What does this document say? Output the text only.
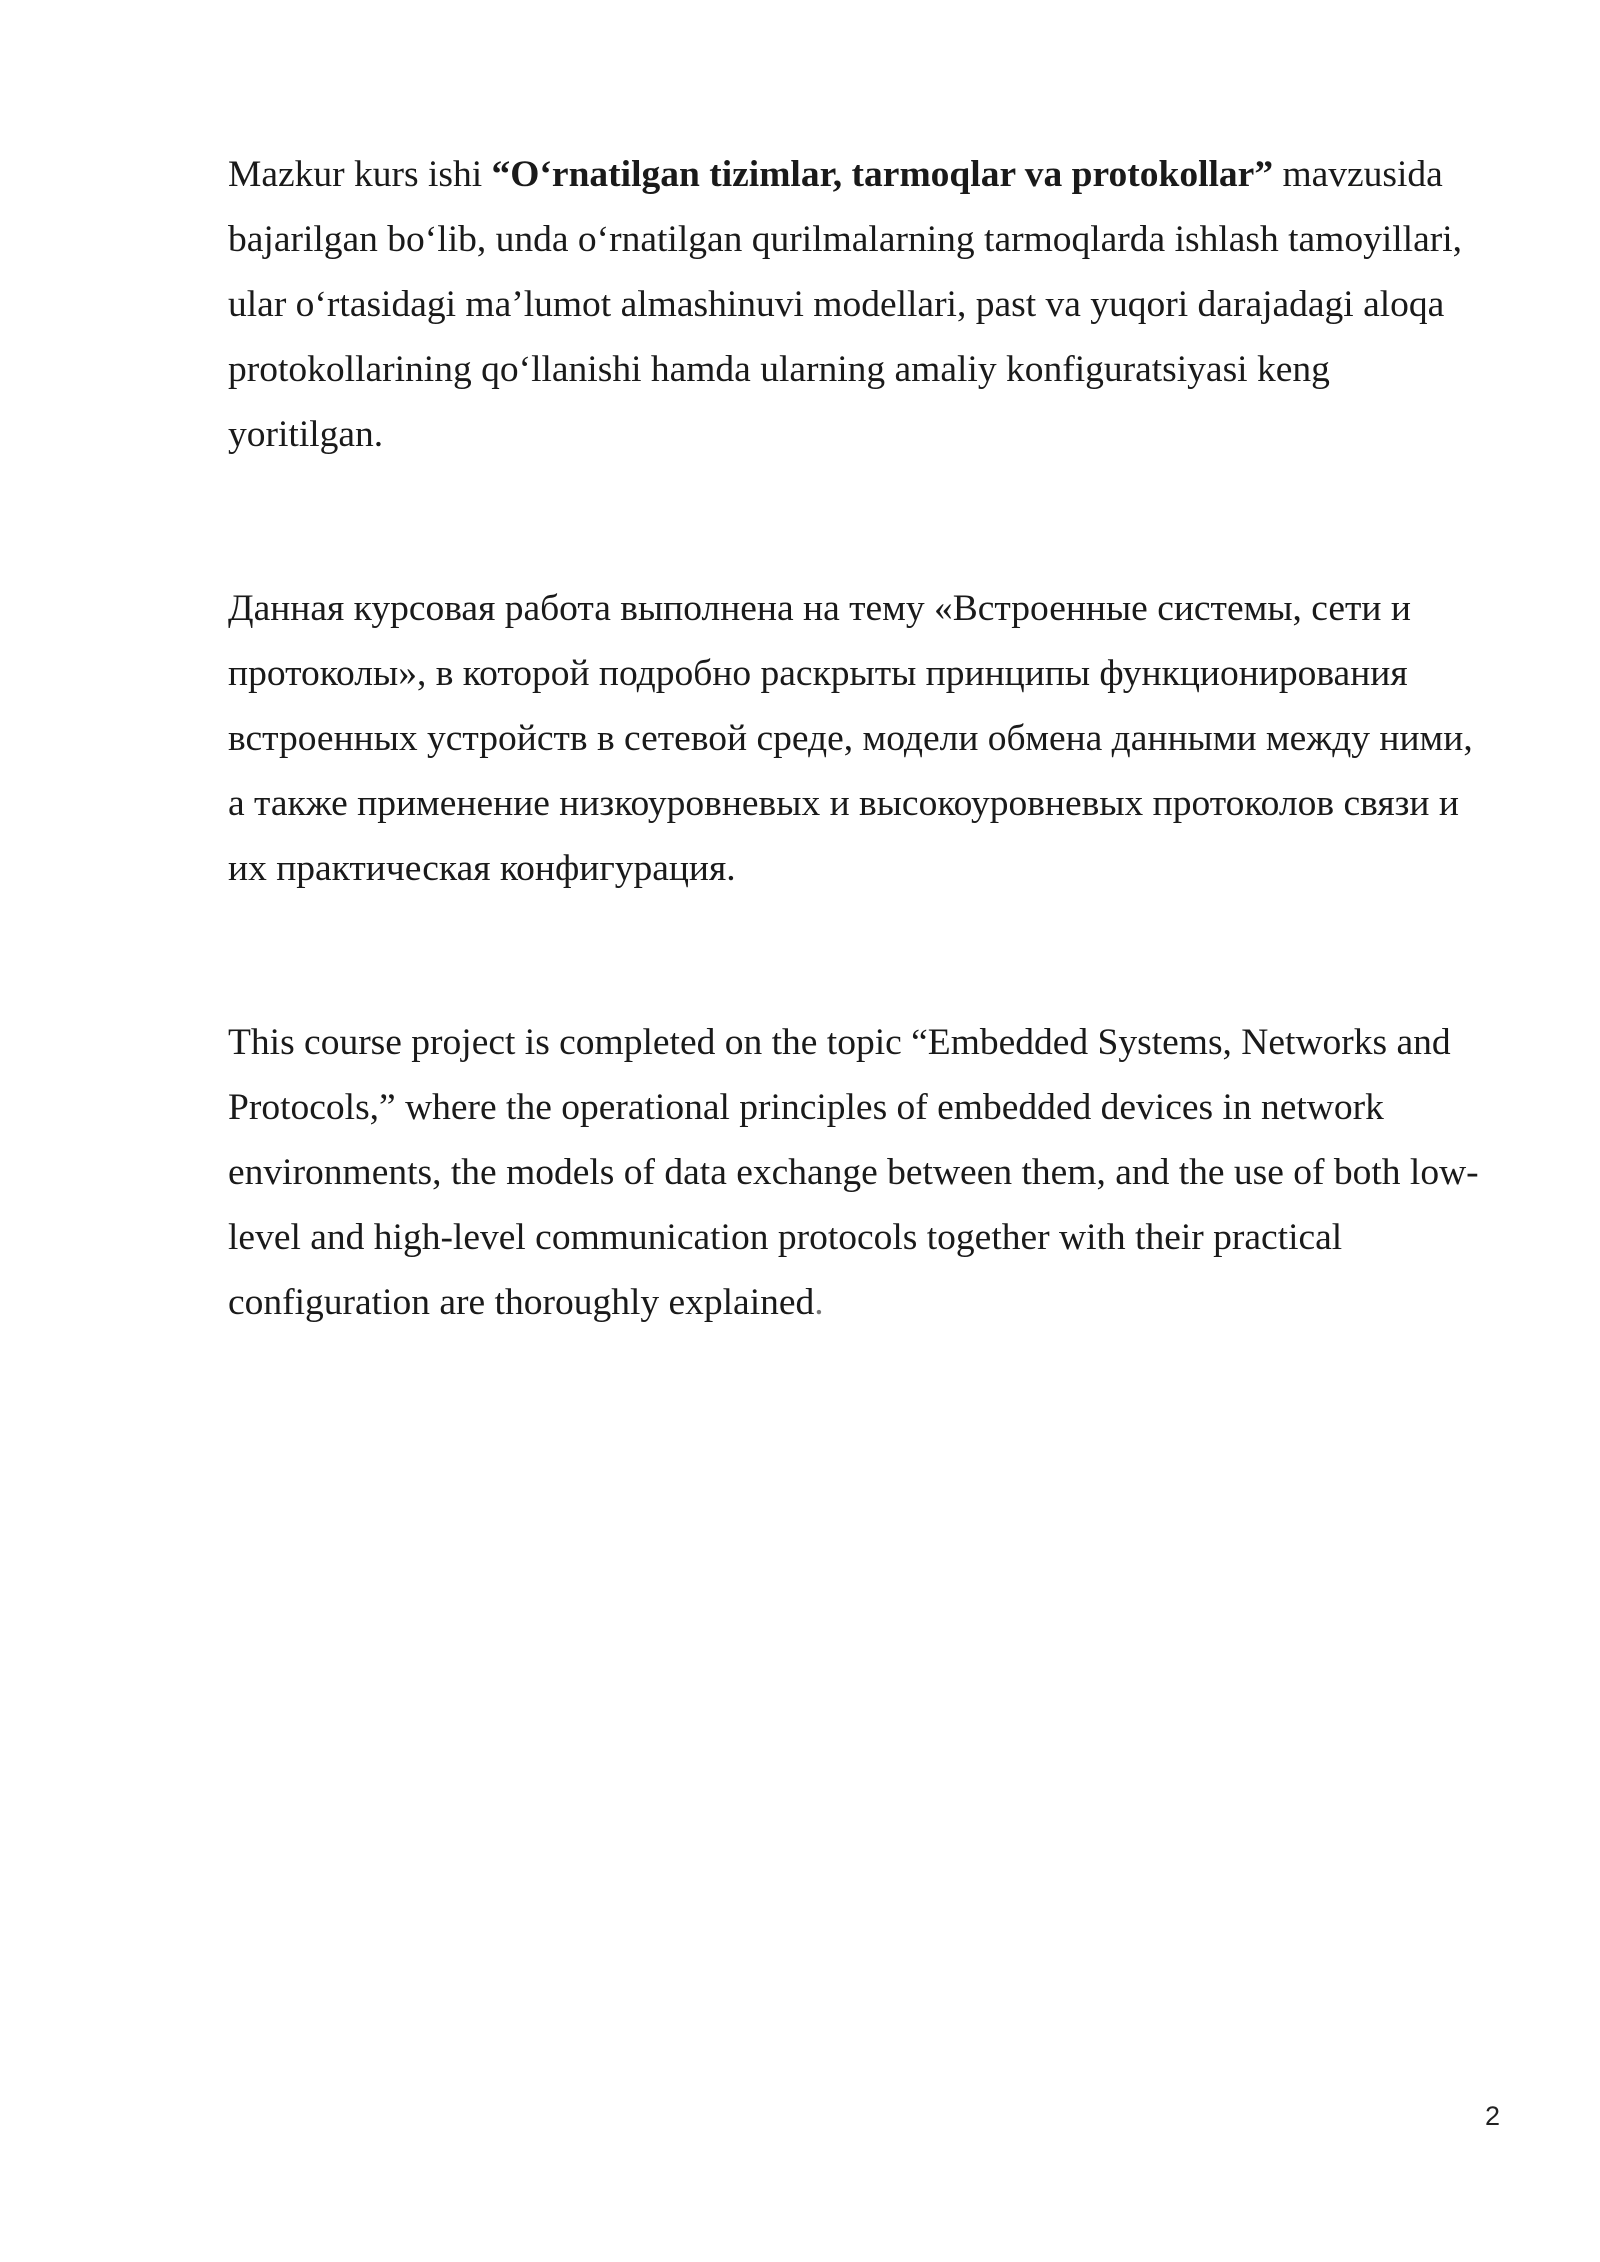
Mazkur kurs ishi “O‘rnatilgan tizimlar, tarmoqlar va protokollar” mavzusida bajarilgan bo‘lib, unda o‘rnatilgan qurilmalarning tarmoqlarda ishlash tamoyillari, ular o‘rtasidagi ma’lumot almashinuvi modellari, past va yuqori darajadagi aloqa protokollarining qo‘llanishi hamda ularning amaliy konfiguratsiyasi keng yoritilgan.

Данная курсовая работа выполнена на тему «Встроенные системы, сети и протоколы», в которой подробно раскрыты принципы функционирования встроенных устройств в сетевой среде, модели обмена данными между ними, а также применение низкоуровневых и высокоуровневых протоколов связи и их практическая конфигурация.

This course project is completed on the topic “Embedded Systems, Networks and Protocols,” where the operational principles of embedded devices in network environments, the models of data exchange between them, and the use of both low-level and high-level communication protocols together with their practical configuration are thoroughly explained.

2
